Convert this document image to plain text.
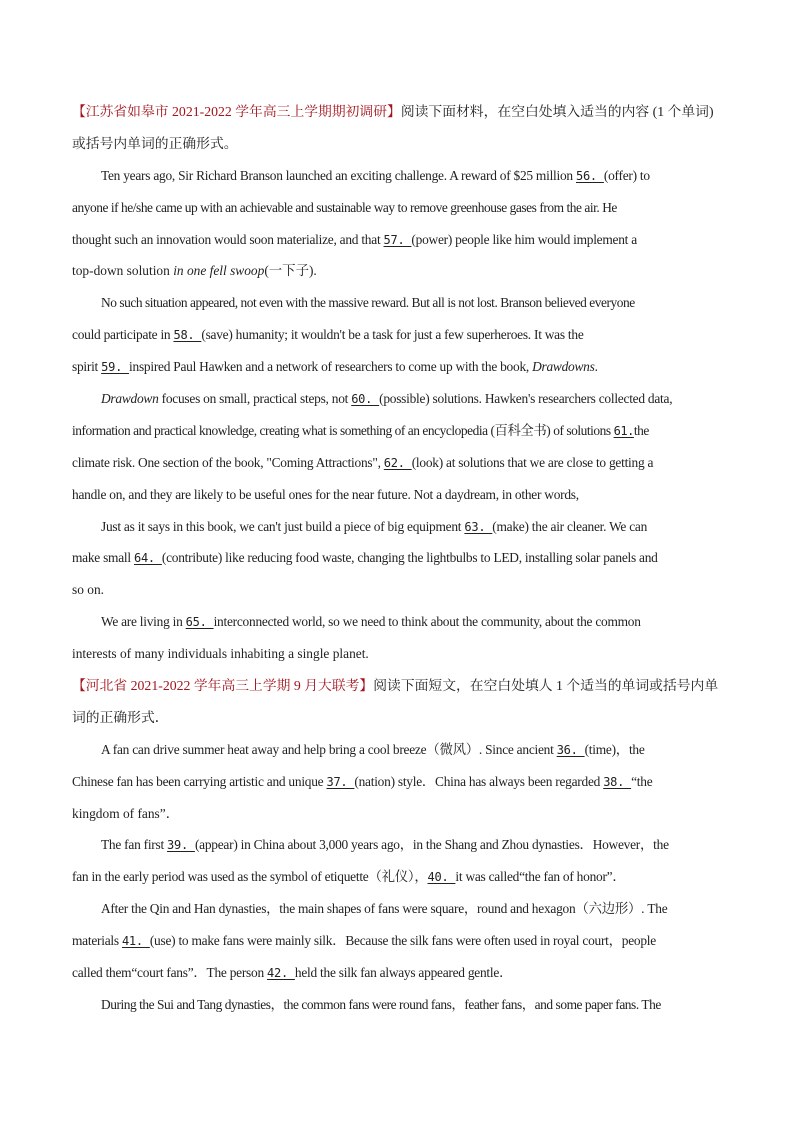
【江苏省如皋市 2021-2022 学年高三上学期期初调研】阅读下面材料，在空白处填入适当的内容 (1 个单词)
或括号内单词的正确形式。
Ten years ago, Sir Richard Branson launched an exciting challenge. A reward of $25 million 56. (offer) to
anyone if he/she came up with an achievable and sustainable way to remove greenhouse gases from the air. He
thought such an innovation would soon materialize, and that 57. (power) people like him would implement a
top-down solution in one fell swoop(一下子).
No such situation appeared, not even with the massive reward. But all is not lost. Branson believed everyone
could participate in 58. (save) humanity; it wouldn't be a task for just a few superheroes. It was the
spirit 59. inspired Paul Hawken and a network of researchers to come up with the book, Drawdowns.
Drawdown focuses on small, practical steps, not 60. (possible) solutions. Hawken's researchers collected data,
information and practical knowledge, creating what is something of an encyclopedia (百科全书) of solutions 61.the
climate risk. One section of the book, "Coming Attractions", 62. (look) at solutions that we are close to getting a
handle on, and they are likely to be useful ones for the near future. Not a daydream, in other words,
Just as it says in this book, we can't just build a piece of big equipment 63. (make) the air cleaner. We can
make small 64. (contribute) like reducing food waste, changing the lightbulbs to LED, installing solar panels and
so on.
We are living in 65. interconnected world, so we need to think about the community, about the common
interests of many individuals inhabiting a single planet.
【河北省 2021-2022 学年高三上学期 9 月大联考】阅读下面短文，在空白处填人 1 个适当的单词或括号内单
词的正确形式．
A fan can drive summer heat away and help bring a cool breeze（微风）. Since ancient 36. (time)，the
Chinese fan has been carrying artistic and unique 37. (nation) style．China has always been regarded 38. “the
kingdom of fans”．
The fan first 39. (appear) in China about 3,000 years ago，in the Shang and Zhou dynasties．However，the
fan in the early period was used as the symbol of etiquette（礼仪），40. it was called“the fan of honor”．
After the Qin and Han dynasties，the main shapes of fans were square，round and hexagon（六边形）. The
materials 41. (use) to make fans were mainly silk．Because the silk fans were often used in royal court，people
called them“court fans”．The person 42. held the silk fan always appeared gentle．
During the Sui and Tang dynasties，the common fans were round fans，feather fans，and some paper fans. The
